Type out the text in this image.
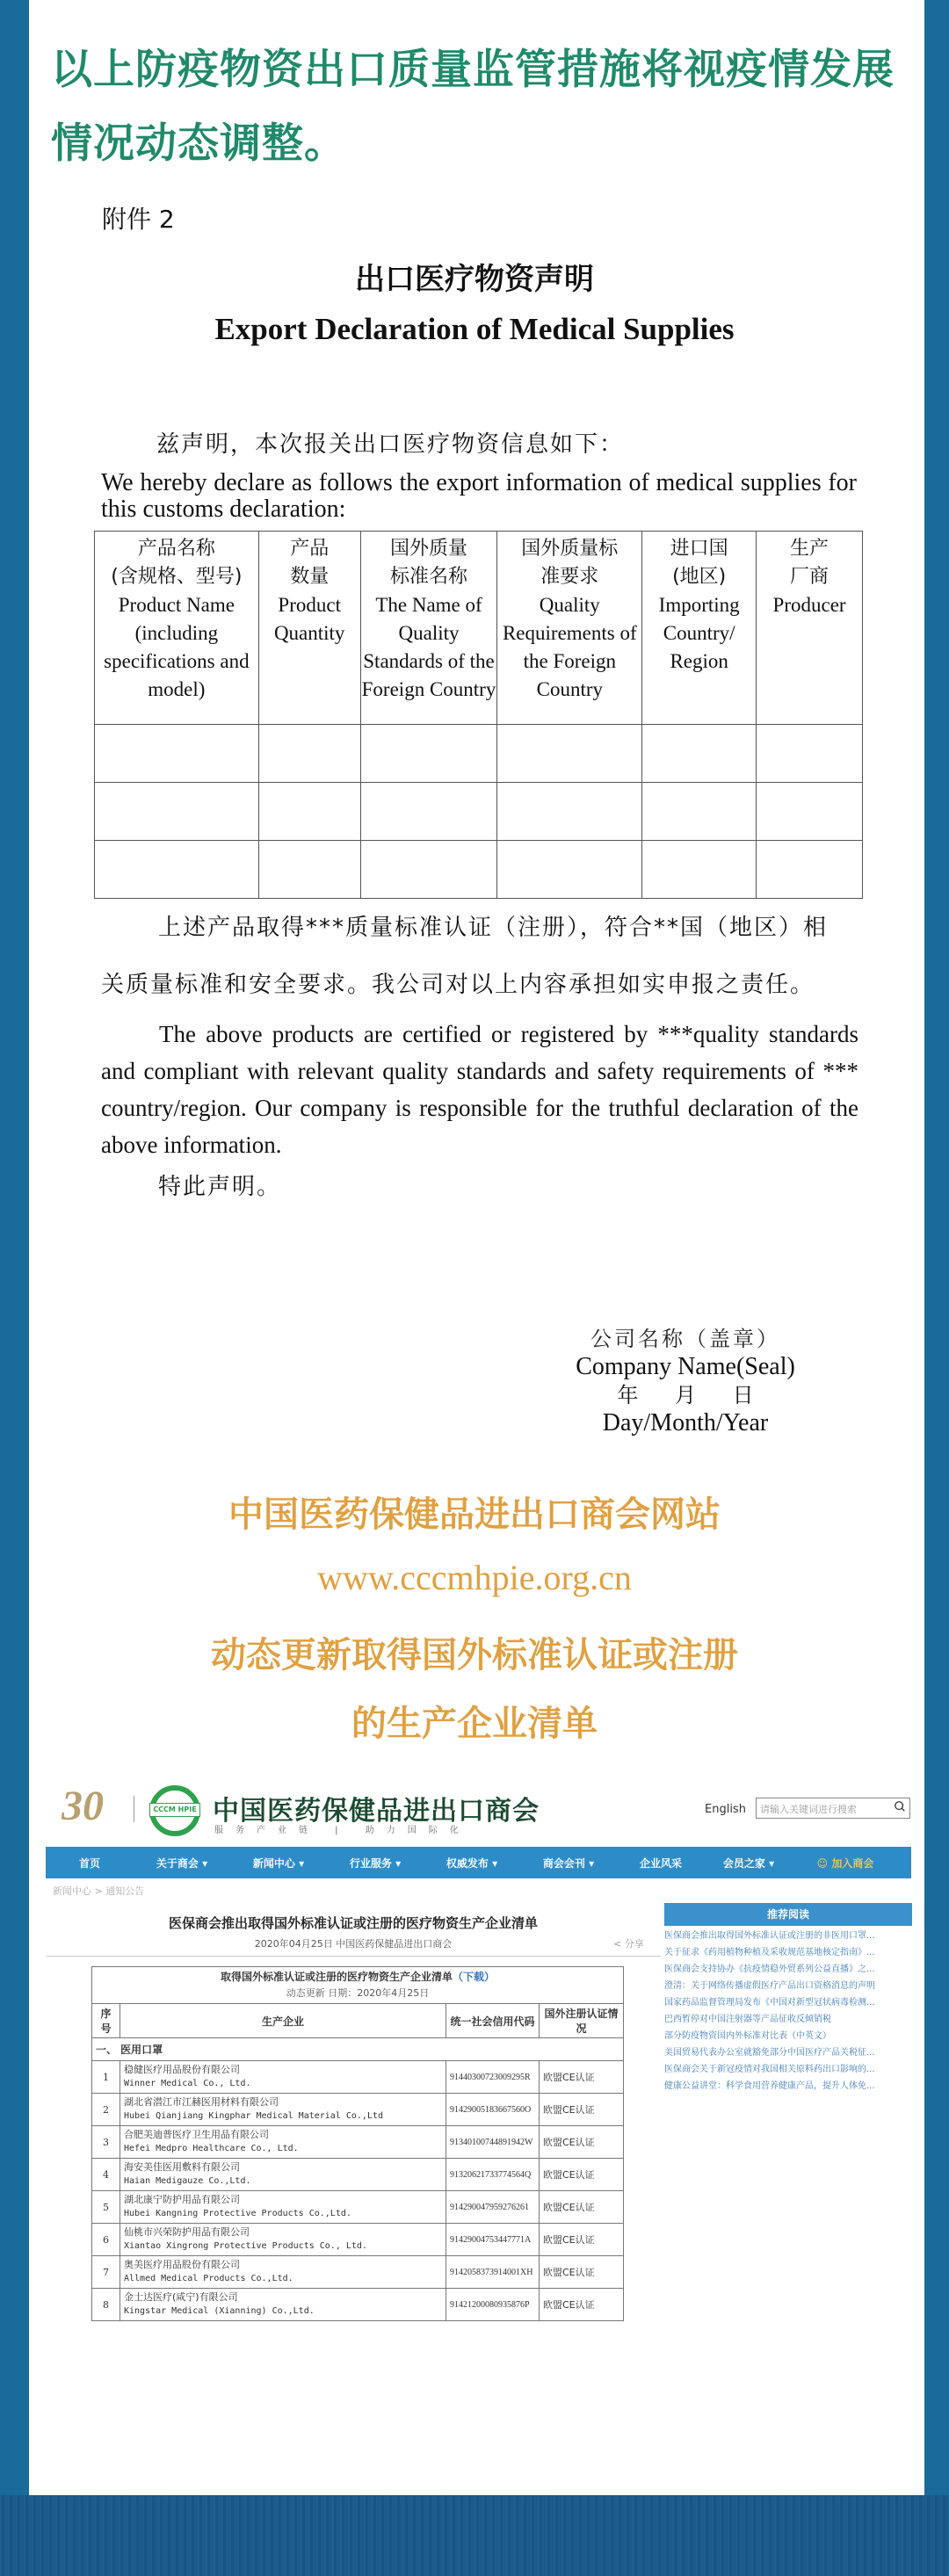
以上防疫物资出口质量监管措施将视疫情发展
情况动态调整。
附件 2
出口医疗物资声明
Export Declaration of Medical Supplies
兹声明，本次报关出口医疗物资信息如下：
We hereby declare as follows the export information of medical supplies for this customs declaration:
产品名称
(含规格、型号)
Product Name (including specifications and model)

产品
数量
Product Quantity

国外质量
标准名称
The Name of Quality Standards of the Foreign Country

国外质量标
准要求
Quality Requirements of the Foreign Country

进口国
(地区)
Importing Country/ Region

生产
厂商
Producer

上述产品取得***质量标准认证（注册），符合**国（地区）相
关质量标准和安全要求。我公司对以上内容承担如实申报之责任。
The above products are certified or registered by ***quality standards and compliant with relevant quality standards and safety requirements of *** country/region. Our company is responsible for the truthful declaration of the above information.
特此声明。
公司名称（盖章）
Company Name(Seal)
年 月 日
Day/Month/Year
中国医药保健品进出口商会网站
www.cccmhpie.org.cn
动态更新取得国外标准认证或注册
的生产企业清单
30	CCCM HPIE 中国医药保健品进出口商会
服务产业链 | 助力国际化
English	请输入关键词进行搜索
首页	关于商会 ▾	新闻中心 ▾	行业服务 ▾	权威发布 ▾	商会会刊 ▾	企业风采	会员之家 ▾	☺ 加入商会
新闻中心 > 通知公告
医保商会推出取得国外标准认证或注册的医疗物资生产企业清单
2020年04月25日 中国医药保健品进出口商会	< 分享
取得国外标准认证或注册的医疗物资生产企业清单（下载）
动态更新 日期：2020年4月25日			
序号	生产企业	统一社会信用代码	国外注册认证情况
一、 医用口罩			
1	稳健医疗用品股份有限公司
Winner Medical Co., Ltd.	91440300723009295R	欧盟CE认证
2	湖北省潜江市江赫医用材料有限公司
Hubei Qianjiang Kingphar Medical Material Co.,Ltd	91429005183667560O	欧盟CE认证
3	合肥美迪普医疗卫生用品有限公司
Hefei Medpro Healthcare Co., Ltd.	91340100744891942W	欧盟CE认证
4	海安美佳医用敷料有限公司
Haian Medigauze Co.,Ltd.	91320621733774564Q	欧盟CE认证
5	湖北康宁防护用品有限公司
Hubei Kangning Protective Products Co.,Ltd.	914290047959276261	欧盟CE认证
6	仙桃市兴荣防护用品有限公司
Xiantao Xingrong Protective Products Co., Ltd.	91429004753447771A	欧盟CE认证
7	奥美医疗用品股份有限公司
Allmed Medical Products Co.,Ltd.	9142058373914001XH	欧盟CE认证
8	金士达医疗(咸宁)有限公司
Kingstar Medical (Xianning) Co.,Ltd.	91421200080935876P	欧盟CE认证
推荐阅读
医保商会推出取得国外标准认证或注册的非医用口罩...
关于征求《药用植物种植及采收规范基地核定指南》...
医保商会支持协办《抗疫情稳外贸系列公益直播》之...
澄清：关于网络传播虚假医疗产品出口资格消息的声明
国家药品监督管理局发布《中国对新型冠状病毒检测...
巴西暂停对中国注射器等产品征收反倾销税
部分防疫物资国内外标准对比表（中英文）
美国贸易代表办公室就豁免部分中国医疗产品关税征...
医保商会关于新冠疫情对我国相关原料药出口影响的...
健康公益讲堂：科学食用营养健康产品，提升人体免...
